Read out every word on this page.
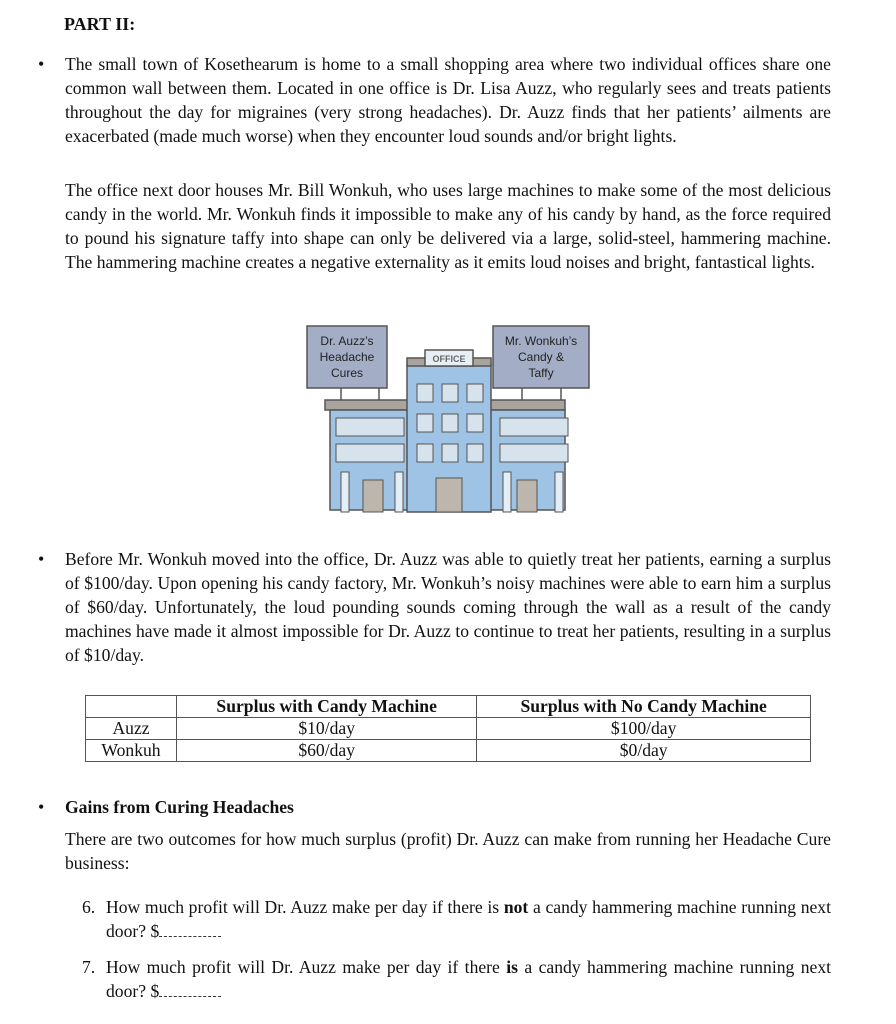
PART II:
• The small town of Kosethearum is home to a small shopping area where two individual offices share one common wall between them. Located in one office is Dr. Lisa Auzz, who regularly sees and treats patients throughout the day for migraines (very strong headaches). Dr. Auzz finds that her patients’ ailments are exacerbated (made much worse) when they encounter loud sounds and/or bright lights.
The office next door houses Mr. Bill Wonkuh, who uses large machines to make some of the most delicious candy in the world. Mr. Wonkuh finds it impossible to make any of his candy by hand, as the force required to pound his signature taffy into shape can only be delivered via a large, solid-steel, hammering machine. The hammering machine creates a negative externality as it emits loud noises and bright, fantastical lights.
Dr. Auzz’s
Headache
Cures
Mr. Wonkuh’s
Candy &
Taffy
OFFICE
• Before Mr. Wonkuh moved into the office, Dr. Auzz was able to quietly treat her patients, earning a surplus of $100/day. Upon opening his candy factory, Mr. Wonkuh’s noisy machines were able to earn him a surplus of $60/day. Unfortunately, the loud pounding sounds coming through the wall as a result of the candy machines have made it almost impossible for Dr. Auzz to continue to treat her patients, resulting in a surplus of $10/day.
	Surplus with Candy Machine	Surplus with No Candy Machine
Auzz	$10/day	$100/day
Wonkuh	$60/day	$0/day
• Gains from Curing Headaches
There are two outcomes for how much surplus (profit) Dr. Auzz can make from running her Headache Cure business:
6. How much profit will Dr. Auzz make per day if there is not a candy hammering machine running next door? $
7. How much profit will Dr. Auzz make per day if there is a candy hammering machine running next door? $
